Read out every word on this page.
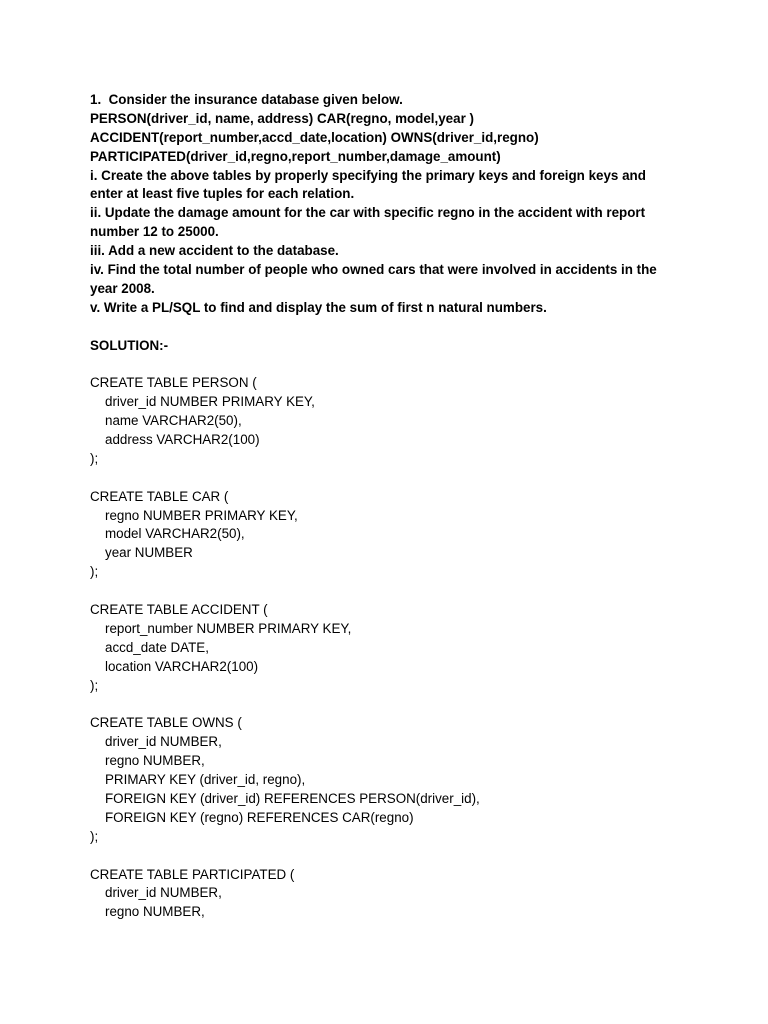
1.  Consider the insurance database given below.
PERSON(driver_id, name, address) CAR(regno, model,year )
ACCIDENT(report_number,accd_date,location) OWNS(driver_id,regno)
PARTICIPATED(driver_id,regno,report_number,damage_amount)
i. Create the above tables by properly specifying the primary keys and foreign keys and
enter at least five tuples for each relation.
ii. Update the damage amount for the car with specific regno in the accident with report
number 12 to 25000.
iii. Add a new accident to the database.
iv. Find the total number of people who owned cars that were involved in accidents in the
year 2008.
v. Write a PL/SQL to find and display the sum of first n natural numbers.
SOLUTION:-
CREATE TABLE PERSON (
driver_id NUMBER PRIMARY KEY,
name VARCHAR2(50),
address VARCHAR2(100)
);
CREATE TABLE CAR (
regno NUMBER PRIMARY KEY,
model VARCHAR2(50),
year NUMBER
);
CREATE TABLE ACCIDENT (
report_number NUMBER PRIMARY KEY,
accd_date DATE,
location VARCHAR2(100)
);
CREATE TABLE OWNS (
driver_id NUMBER,
regno NUMBER,
PRIMARY KEY (driver_id, regno),
FOREIGN KEY (driver_id) REFERENCES PERSON(driver_id),
FOREIGN KEY (regno) REFERENCES CAR(regno)
);
CREATE TABLE PARTICIPATED (
driver_id NUMBER,
regno NUMBER,
